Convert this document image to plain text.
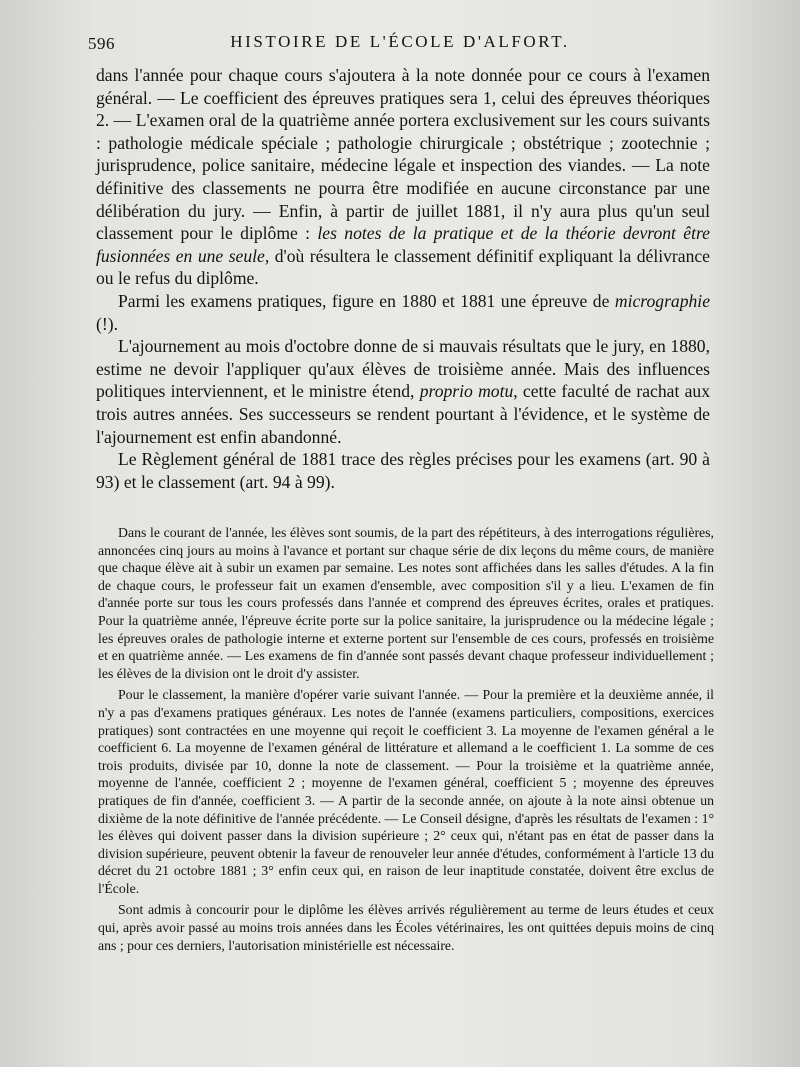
596	HISTOIRE DE L'ÉCOLE D'ALFORT.

dans l'année pour chaque cours s'ajoutera à la note donnée pour ce cours à l'examen général. — Le coefficient des épreuves pratiques sera 1, celui des épreuves théoriques 2. — L'examen oral de la quatrième année portera exclusivement sur les cours suivants : pathologie médicale spéciale ; pathologie chirurgicale ; obstétrique ; zootechnie ; jurisprudence, police sanitaire, médecine légale et inspection des viandes. — La note définitive des classements ne pourra être modifiée en aucune circonstance par une délibération du jury. — Enfin, à partir de juillet 1881, il n'y aura plus qu'un seul classement pour le diplôme : les notes de la pratique et de la théorie devront être fusionnées en une seule, d'où résultera le classement définitif expliquant la délivrance ou le refus du diplôme.

Parmi les examens pratiques, figure en 1880 et 1881 une épreuve de micrographie (!).

L'ajournement au mois d'octobre donne de si mauvais résultats que le jury, en 1880, estime ne devoir l'appliquer qu'aux élèves de troisième année. Mais des influences politiques interviennent, et le ministre étend, proprio motu, cette faculté de rachat aux trois autres années. Ses successeurs se rendent pourtant à l'évidence, et le système de l'ajournement est enfin abandonné.

Le Règlement général de 1881 trace des règles précises pour les examens (art. 90 à 93) et le classement (art. 94 à 99).

Dans le courant de l'année, les élèves sont soumis, de la part des répétiteurs, à des interrogations régulières, annoncées cinq jours au moins à l'avance et portant sur chaque série de dix leçons du même cours, de manière que chaque élève ait à subir un examen par semaine. Les notes sont affichées dans les salles d'études. A la fin de chaque cours, le professeur fait un examen d'ensemble, avec composition s'il y a lieu. L'examen de fin d'année porte sur tous les cours professés dans l'année et comprend des épreuves écrites, orales et pratiques. Pour la quatrième année, l'épreuve écrite porte sur la police sanitaire, la jurisprudence ou la médecine légale ; les épreuves orales de pathologie interne et externe portent sur l'ensemble de ces cours, professés en troisième et en quatrième année. — Les examens de fin d'année sont passés devant chaque professeur individuellement ; les élèves de la division ont le droit d'y assister.

Pour le classement, la manière d'opérer varie suivant l'année. — Pour la première et la deuxième année, il n'y a pas d'examens pratiques généraux. Les notes de l'année (examens particuliers, compositions, exercices pratiques) sont contractées en une moyenne qui reçoit le coefficient 3. La moyenne de l'examen général a le coefficient 6. La moyenne de l'examen général de littérature et allemand a le coefficient 1. La somme de ces trois produits, divisée par 10, donne la note de classement. — Pour la troisième et la quatrième année, moyenne de l'année, coefficient 2 ; moyenne de l'examen général, coefficient 5 ; moyenne des épreuves pratiques de fin d'année, coefficient 3. — A partir de la seconde année, on ajoute à la note ainsi obtenue un dixième de la note définitive de l'année précédente. — Le Conseil désigne, d'après les résultats de l'examen : 1° les élèves qui doivent passer dans la division supérieure ; 2° ceux qui, n'étant pas en état de passer dans la division supérieure, peuvent obtenir la faveur de renouveler leur année d'études, conformément à l'article 13 du décret du 21 octobre 1881 ; 3° enfin ceux qui, en raison de leur inaptitude constatée, doivent être exclus de l'École.

Sont admis à concourir pour le diplôme les élèves arrivés régulièrement au terme de leurs études et ceux qui, après avoir passé au moins trois années dans les Écoles vétérinaires, les ont quittées depuis moins de cinq ans ; pour ces derniers, l'autorisation ministérielle est nécessaire.
